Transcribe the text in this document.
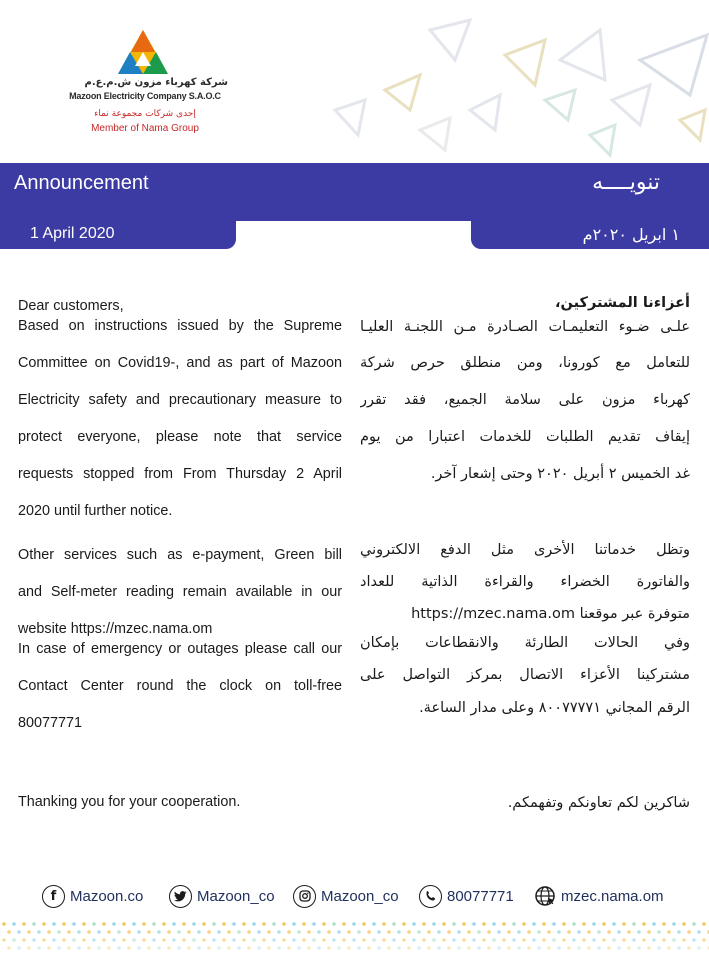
شركة كهرباء مزون ش.م.ع.م
Mazoon Electricity Company S.A.O.C
إحدى شركات مجموعة نماء
Member of Nama Group
Announcement	تنويــــه
1 April 2020	١ ابريل ٢٠٢٠م
Dear customers,
Based on instructions issued by the Supreme
Committee on Covid19-, and as part of Mazoon
Electricity safety and precautionary measure to
protect everyone, please note that service
requests stopped from From Thursday 2 April
2020 until further notice.
Other services such as e-payment, Green bill
and Self-meter reading remain available in our
website https://mzec.nama.om
In case of emergency or outages please call our
Contact Center round the clock on toll-free
80077771
Thanking you for your cooperation.
أعزاءنا المشتركين،
علـى ضـوء التعليمـات الصـادرة مـن اللجنـة العليـا
للتعامل مع كورونا، ومن منطلق حرص شركة
كهرباء مزون على سلامة الجميع، فقد تقرر
إيقاف تقديم الطلبات للخدمات اعتبارا من يوم
غد الخميس ٢ أبريل ٢٠٢٠ وحتى إشعار آخر.
وتظل خدماتنا الأخرى مثل الدفع الالكتروني
والفاتورة الخضراء والقراءة الذاتية للعداد
متوفرة عبر موقعنا https://mzec.nama.om
وفي الحالات الطارئة والانقطاعات بإمكان
مشتركينا الأعزاء الاتصال بمركز التواصل على
الرقم المجاني ٨٠٠٧٧٧٧١ وعلى مدار الساعة.
شاكرين لكم تعاونكم وتفهمكم.
f Mazoon.co	Mazoon_co	Mazoon_co	80077771	mzec.nama.om
